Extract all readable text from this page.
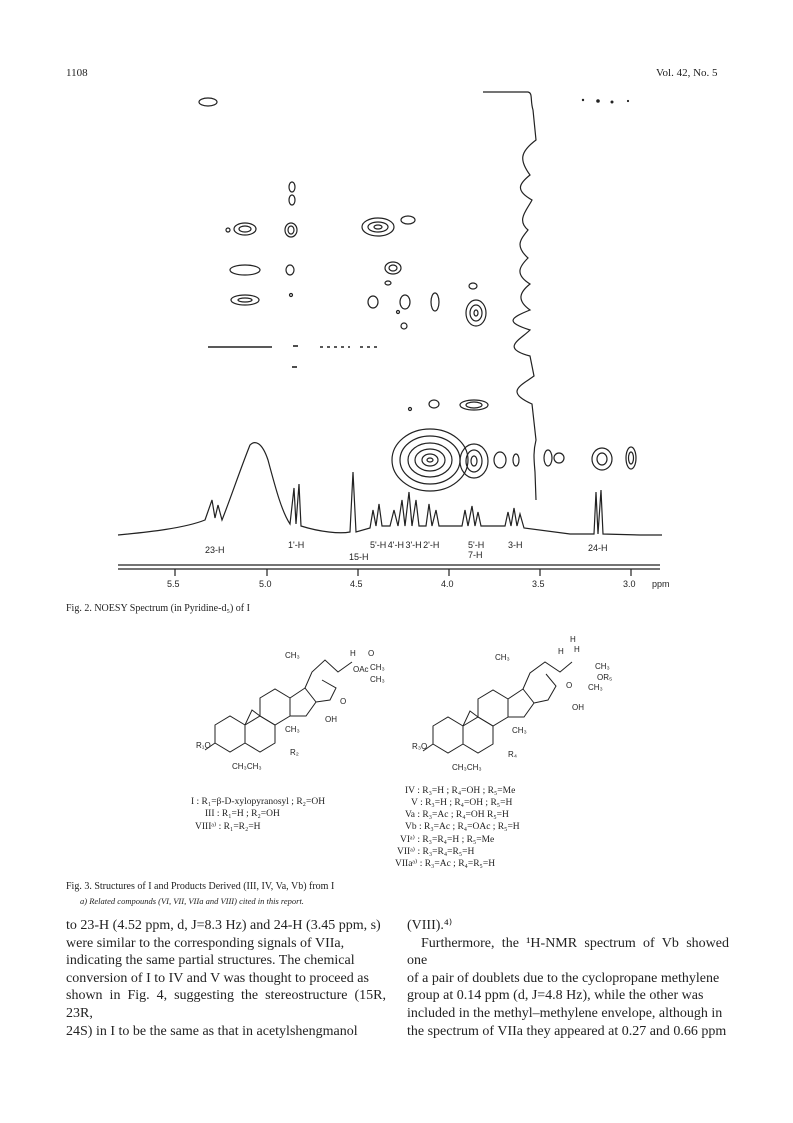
1108	Vol. 42, No. 5
23-H	1'-H
15-H
5'-H 4'-H 3'-H 2'-H	5'-H
7-H
3-H	24-H
5.5	5.0	4.5	4.0	3.5	3.0 ppm
Fig. 2. NOESY Spectrum (in Pyridine-d₅) of I
CH₃	H O
OAc CH₃
CH₃
O
OH
CH₃
R₁O
R₂
CH₃CH₃
CH₃
H H
CH₃
OR₅
CH₃
O
OH
CH₃
R₃O
R₄
CH₃CH₃
H
I : R₁=β-D-xylopyranosyl ; R₂=OH
III : R₁=H ; R₂=OH
VIIIᵃ⁾ : R₁=R₂=H
IV : R₃=H ; R₄=OH ; R₅=Me
V : R₃=H ; R₄=OH ; R₅=H
Va : R₃=Ac ; R₄=OH R₅=H
Vb : R₃=Ac ; R₄=OAc ; R₅=H
VIᵃ⁾ : R₃=R₄=H ; R₅=Me
VIIᵃ⁾ : R₃=R₄=R₅=H
VIIaᵃ⁾ : R₃=Ac ; R₄=R₅=H
Fig. 3. Structures of I and Products Derived (III, IV, Va, Vb) from I
a) Related compounds (VI, VII, VIIa and VIII) cited in this report.

to 23-H (4.52 ppm, d, J=8.3 Hz) and 24-H (3.45 ppm, s)

were similar to the corresponding signals of VIIa,

indicating the same partial structures. The chemical

conversion of I to IV and V was thought to proceed as

shown in Fig. 4, suggesting the stereostructure (15R, 23R,

24S) in I to be the same as that in acetylshengmanol

(VIII).⁴⁾

Furthermore, the ¹H-NMR spectrum of Vb showed one

of a pair of doublets due to the cyclopropane methylene

group at 0.14 ppm (d, J=4.8 Hz), while the other was

included in the methyl–methylene envelope, although in

the spectrum of VIIa they appeared at 0.27 and 0.66 ppm
